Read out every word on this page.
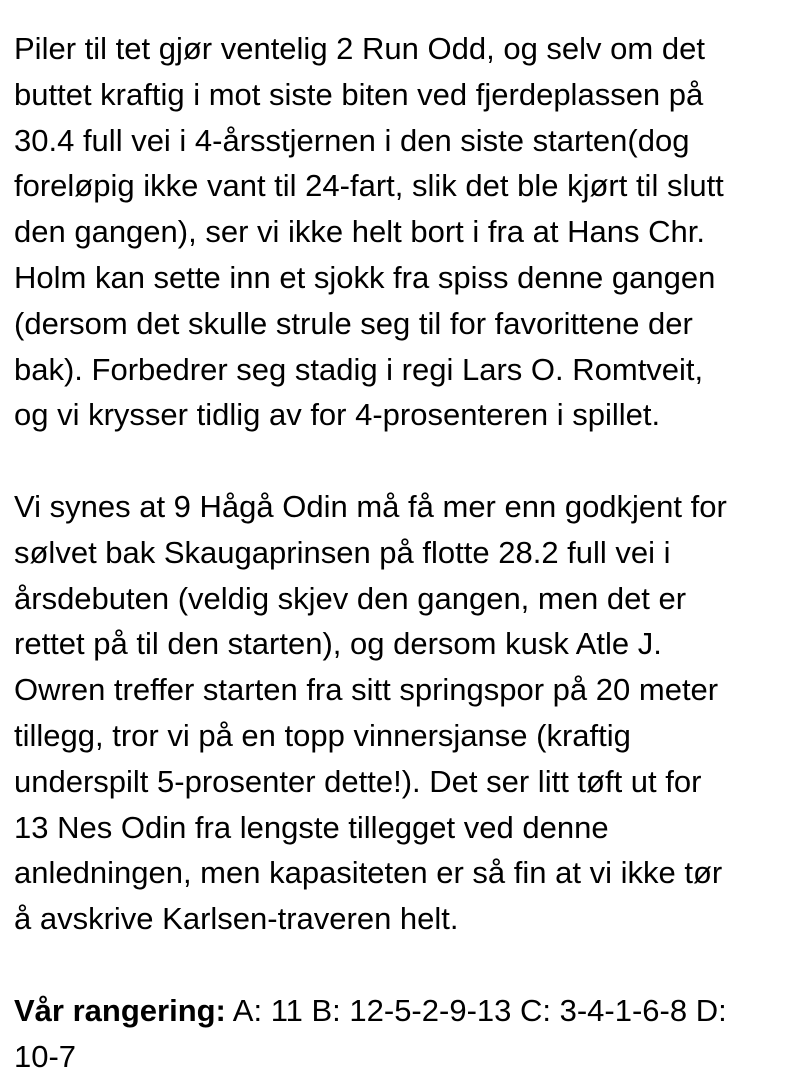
Piler til tet gjør ventelig 2 Run Odd, og selv om det
buttet kraftig i mot siste biten ved fjerdeplassen på
30.4 full vei i 4-årsstjernen i den siste starten(dog
foreløpig ikke vant til 24-fart, slik det ble kjørt til slutt
den gangen), ser vi ikke helt bort i fra at Hans Chr.
Holm kan sette inn et sjokk fra spiss denne gangen
(dersom det skulle strule seg til for favorittene der
bak). Forbedrer seg stadig i regi Lars O. Romtveit,
og vi krysser tidlig av for 4-prosenteren i spillet.

Vi synes at 9 Hågå Odin må få mer enn godkjent for
sølvet bak Skaugaprinsen på flotte 28.2 full vei i
årsdebuten (veldig skjev den gangen, men det er
rettet på til den starten), og dersom kusk Atle J.
Owren treffer starten fra sitt springspor på 20 meter
tillegg, tror vi på en topp vinnersjanse (kraftig
underspilt 5-prosenter dette!). Det ser litt tøft ut for
13 Nes Odin fra lengste tillegget ved denne
anledningen, men kapasiteten er så fin at vi ikke tør
å avskrive Karlsen-traveren helt.

Vår rangering: A: 11 B: 12-5-2-9-13 C: 3-4-1-6-8 D:
10-7
